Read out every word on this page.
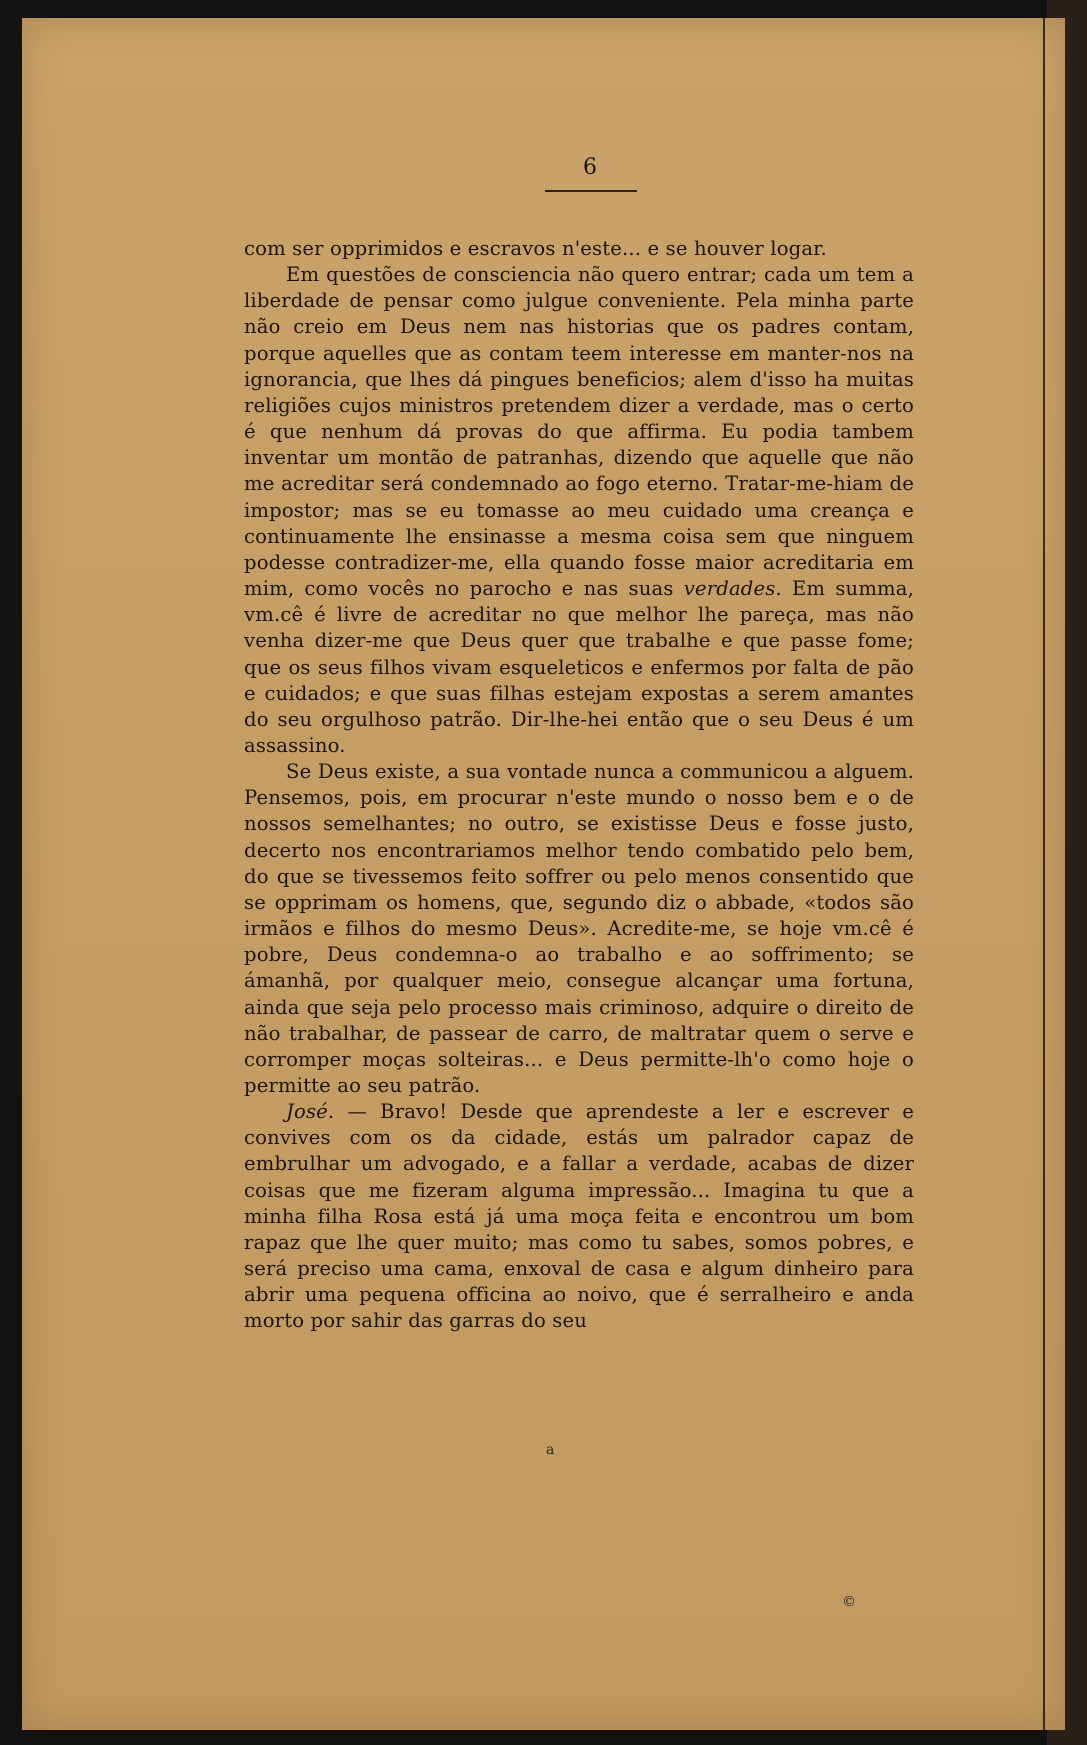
6

com ser opprimidos e escravos n'este... e se houver logar.

Em questões de consciencia não quero entrar; cada um tem a liberdade de pensar como julgue conveniente. Pela minha parte não creio em Deus nem nas historias que os padres contam, porque aquelles que as contam teem interesse em manter-nos na ignorancia, que lhes dá pingues beneficios; alem d'isso ha muitas religiões cujos ministros pretendem dizer a verdade, mas o certo é que nenhum dá provas do que affirma. Eu podia tambem inventar um montão de patranhas, dizendo que aquelle que não me acreditar será condemnado ao fogo eterno. Tratar-me-hiam de impostor; mas se eu tomasse ao meu cuidado uma creança e continuamente lhe ensinasse a mesma coisa sem que ninguem podesse contradizer-me, ella quando fosse maior acreditaria em mim, como vocês no parocho e nas suas verdades. Em summa, vm.cê é livre de acreditar no que melhor lhe pareça, mas não venha dizer-me que Deus quer que trabalhe e que passe fome; que os seus filhos vivam esqueleticos e enfermos por falta de pão e cuidados; e que suas filhas estejam expostas a serem amantes do seu orgulhoso patrão. Dir-lhe-hei então que o seu Deus é um assassino.

Se Deus existe, a sua vontade nunca a communicou a alguem. Pensemos, pois, em procurar n'este mundo o nosso bem e o de nossos semelhantes; no outro, se existisse Deus e fosse justo, decerto nos encontrariamos melhor tendo combatido pelo bem, do que se tivessemos feito soffrer ou pelo menos consentido que se opprimam os homens, que, segundo diz o abbade, «todos são irmãos e filhos do mesmo Deus». Acredite-me, se hoje vm.cê é pobre, Deus condemna-o ao trabalho e ao soffrimento; se ámanhã, por qualquer meio, consegue alcançar uma fortuna, ainda que seja pelo processo mais criminoso, adquire o direito de não trabalhar, de passear de carro, de maltratar quem o serve e corromper moças solteiras... e Deus permitte-lh'o como hoje o permitte ao seu patrão.

José. — Bravo! Desde que aprendeste a ler e escrever e convives com os da cidade, estás um palrador capaz de embrulhar um advogado, e a fallar a verdade, acabas de dizer coisas que me fizeram alguma impressão... Imagina tu que a minha filha Rosa está já uma moça feita e encontrou um bom rapaz que lhe quer muito; mas como tu sabes, somos pobres, e será preciso uma cama, enxoval de casa e algum dinheiro para abrir uma pequena officina ao noivo, que é serralheiro e anda morto por sahir das garras do seu

a
©
